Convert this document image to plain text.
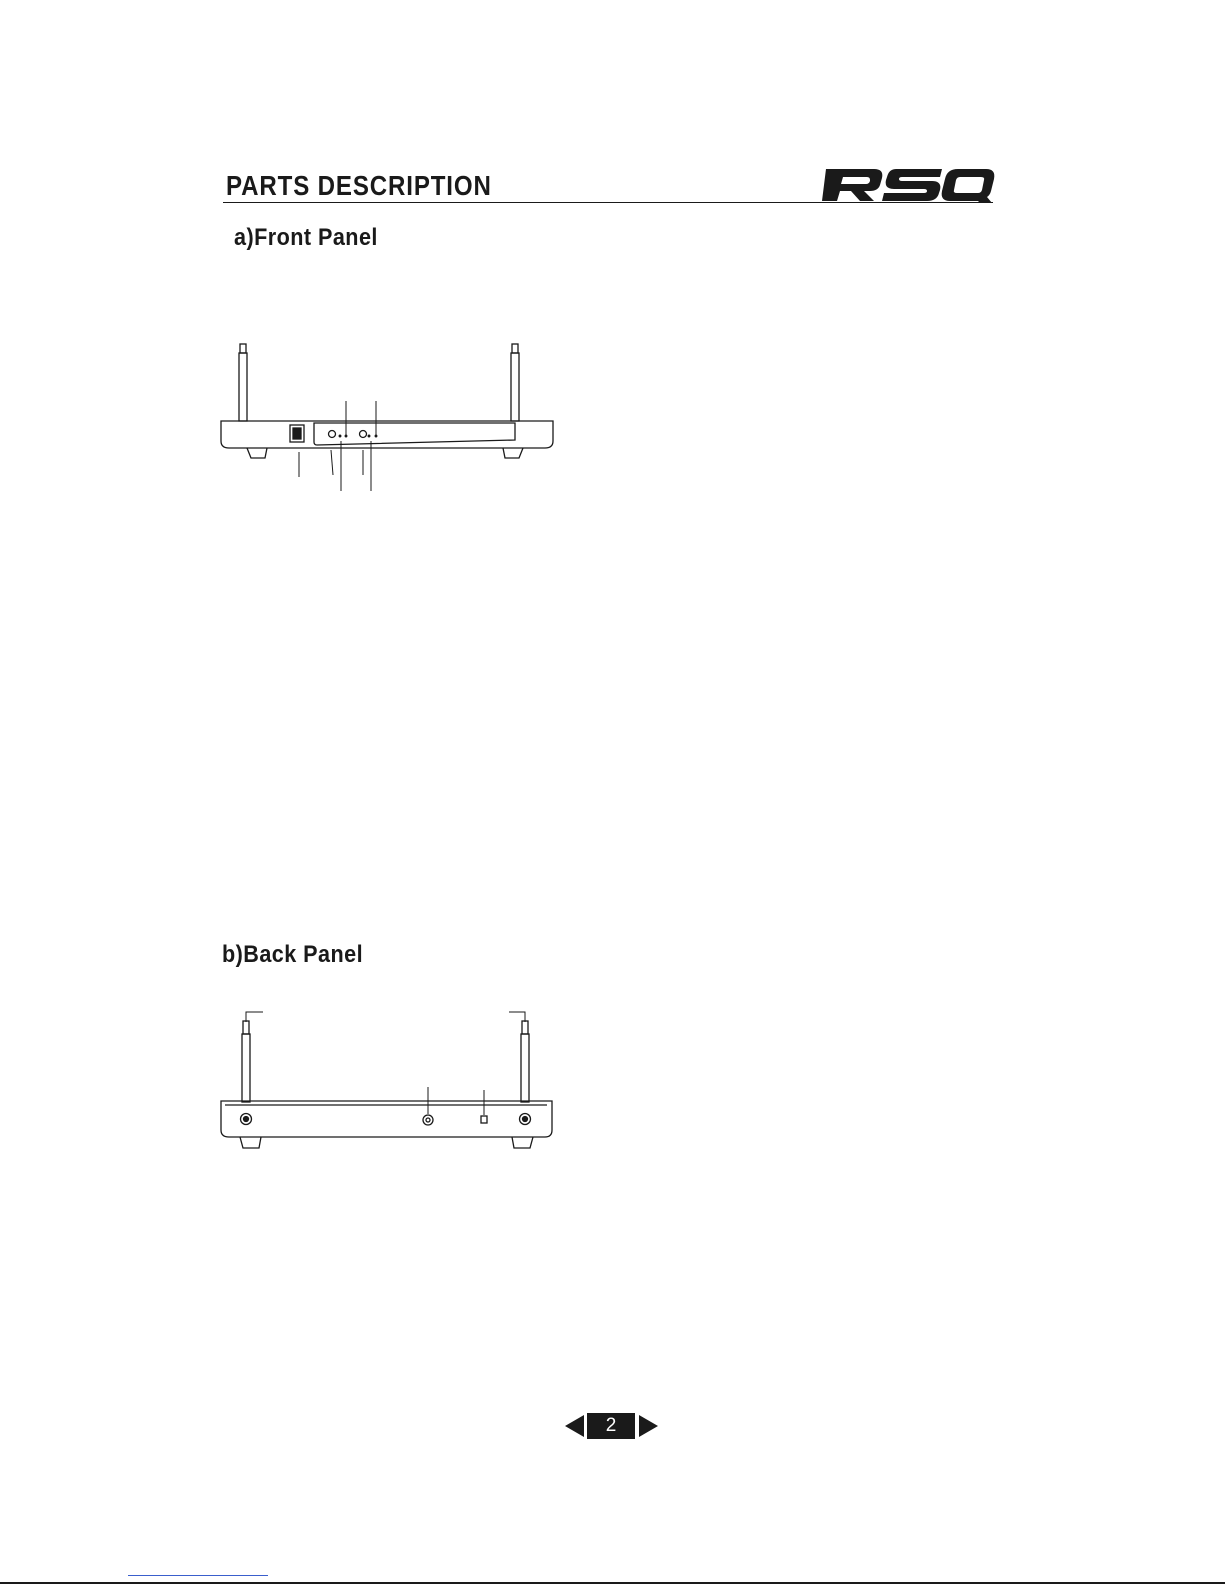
PARTS DESCRIPTION
a)Front Panel
b)Back Panel
2
